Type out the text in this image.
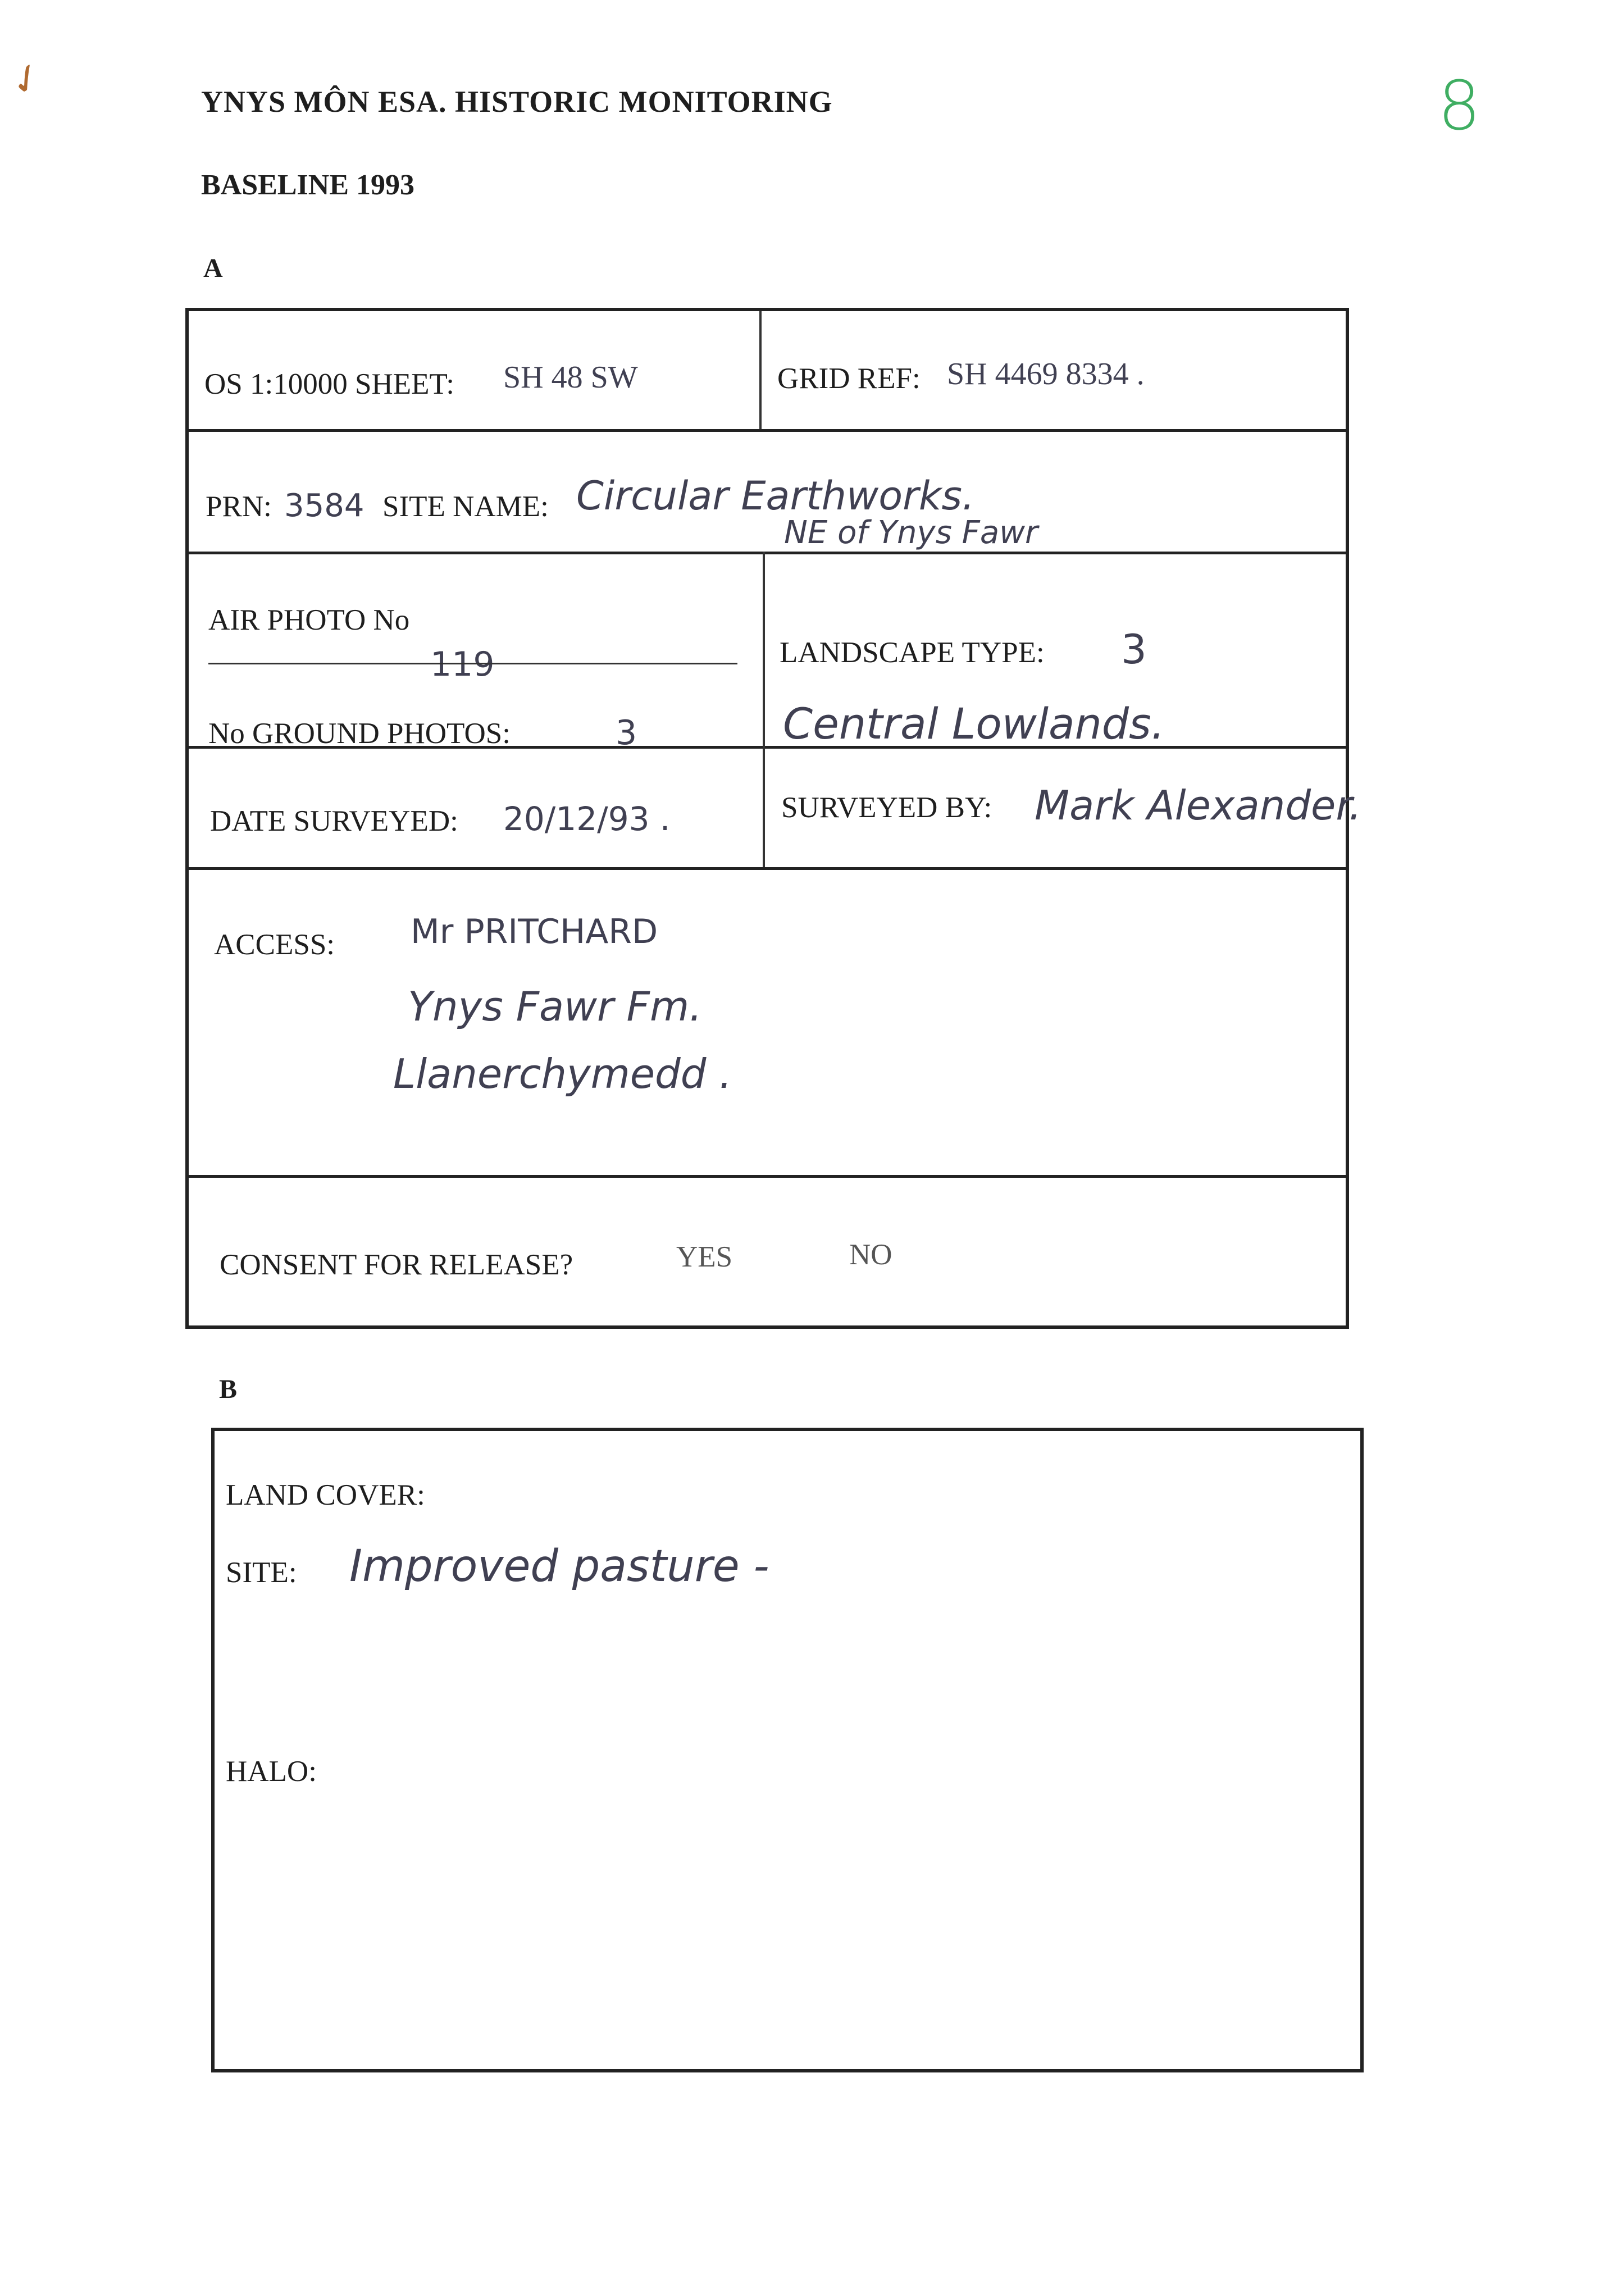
✓	YNYS MÔN ESA. HISTORIC MONITORING
BASELINE 1993
8
A
OS 1:10000 SHEET: SH 48 SW	GRID REF: SH 4469 8334 .
PRN: 3584 SITE NAME: Circular Earthworks.
NE of Ynys Fawr
AIR PHOTO No
119
No GROUND PHOTOS:	3
LANDSCAPE TYPE: 3
Central Lowlands.
DATE SURVEYED: 20/12/93 .	SURVEYED BY: Mark Alexander.
ACCESS: Mr PRITCHARD
Ynys Fawr Fm.
Llanerchymedd .
CONSENT FOR RELEASE?	YES	NO
B
LAND COVER:
SITE: Improved pasture -
HALO:
